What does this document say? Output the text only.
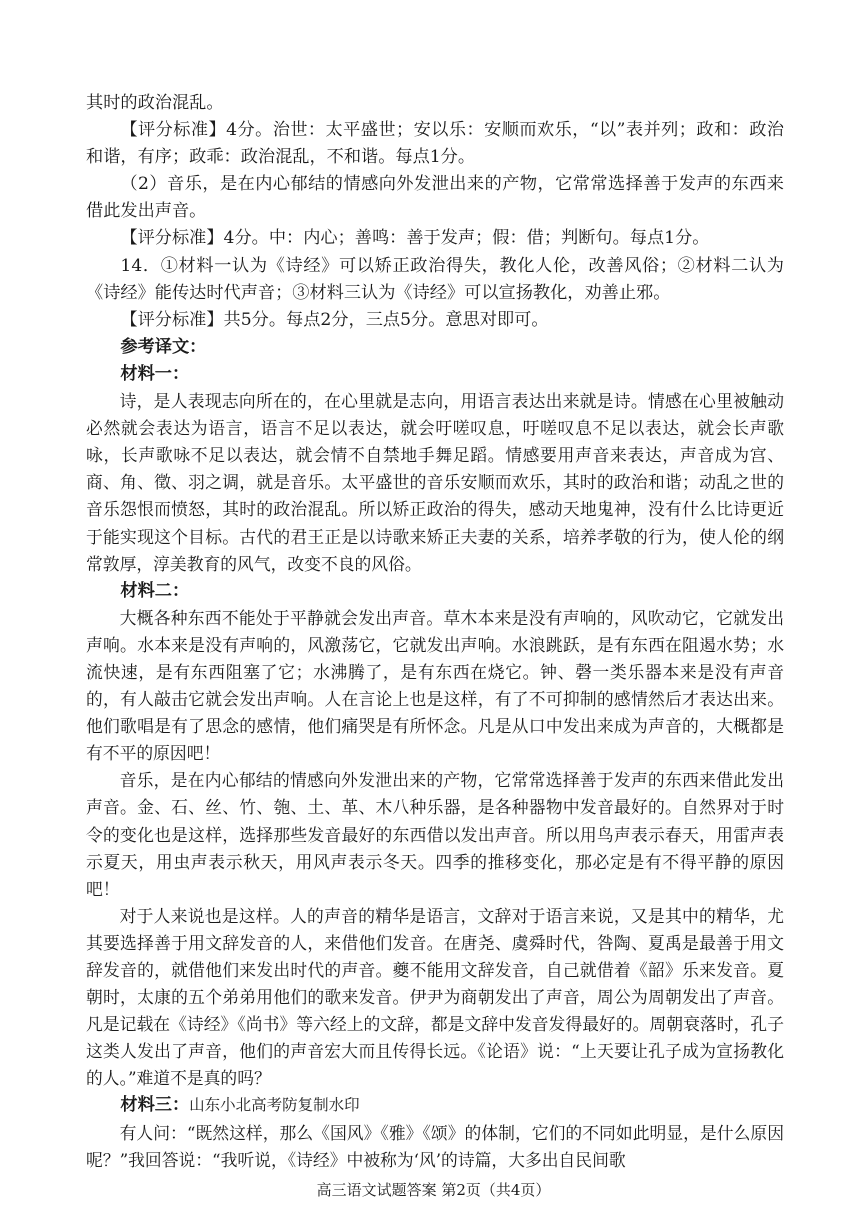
其时的政治混乱。

【评分标准】4分。治世：太平盛世；安以乐：安顺而欢乐，“以”表并列；政和：政治和谐，有序；政乖：政治混乱，不和谐。每点1分。

（2）音乐，是在内心郁结的情感向外发泄出来的产物，它常常选择善于发声的东西来借此发出声音。

【评分标准】4分。中：内心；善鸣：善于发声；假：借；判断句。每点1分。

14．①材料一认为《诗经》可以矫正政治得失，教化人伦，改善风俗；②材料二认为《诗经》能传达时代声音；③材料三认为《诗经》可以宣扬教化，劝善止邪。

【评分标准】共5分。每点2分，三点5分。意思对即可。

参考译文：

材料一：

诗，是人表现志向所在的，在心里就是志向，用语言表达出来就是诗。情感在心里被触动必然就会表达为语言，语言不足以表达，就会吁嗟叹息，吁嗟叹息不足以表达，就会长声歌咏，长声歌咏不足以表达，就会情不自禁地手舞足蹈。情感要用声音来表达，声音成为宫、商、角、徵、羽之调，就是音乐。太平盛世的音乐安顺而欢乐，其时的政治和谐；动乱之世的音乐怨恨而愤怒，其时的政治混乱。所以矫正政治的得失，感动天地鬼神，没有什么比诗更近于能实现这个目标。古代的君王正是以诗歌来矫正夫妻的关系，培养孝敬的行为，使人伦的纲常敦厚，淳美教育的风气，改变不良的风俗。

材料二：

大概各种东西不能处于平静就会发出声音。草木本来是没有声响的，风吹动它，它就发出声响。水本来是没有声响的，风激荡它，它就发出声响。水浪跳跃，是有东西在阻遏水势；水流快速，是有东西阻塞了它；水沸腾了，是有东西在烧它。钟、磬一类乐器本来是没有声音的，有人敲击它就会发出声响。人在言论上也是这样，有了不可抑制的感情然后才表达出来。他们歌唱是有了思念的感情，他们痛哭是有所怀念。凡是从口中发出来成为声音的，大概都是有不平的原因吧！

音乐，是在内心郁结的情感向外发泄出来的产物，它常常选择善于发声的东西来借此发出声音。金、石、丝、竹、匏、土、革、木八种乐器，是各种器物中发音最好的。自然界对于时令的变化也是这样，选择那些发音最好的东西借以发出声音。所以用鸟声表示春天，用雷声表示夏天，用虫声表示秋天，用风声表示冬天。四季的推移变化，那必定是有不得平静的原因吧！

对于人来说也是这样。人的声音的精华是语言，文辞对于语言来说，又是其中的精华，尤其要选择善于用文辞发音的人，来借他们发音。在唐尧、虞舜时代，咎陶、夏禹是最善于用文辞发音的，就借他们来发出时代的声音。夔不能用文辞发音，自己就借着《韶》乐来发音。夏朝时，太康的五个弟弟用他们的歌来发音。伊尹为商朝发出了声音，周公为周朝发出了声音。凡是记载在《诗经》《尚书》等六经上的文辞，都是文辞中发音发得最好的。周朝衰落时，孔子这类人发出了声音，他们的声音宏大而且传得长远。《论语》说：“上天要让孔子成为宣扬教化的人。”难道不是真的吗？

材料三：山东小北高考防复制水印

有人问：“既然这样，那么《国风》《雅》《颂》的体制，它们的不同如此明显，是什么原因呢？”我回答说：“我听说，《诗经》中被称为‘风’的诗篇，大多出自民间歌

高三语文试题答案 第2页（共4页）
